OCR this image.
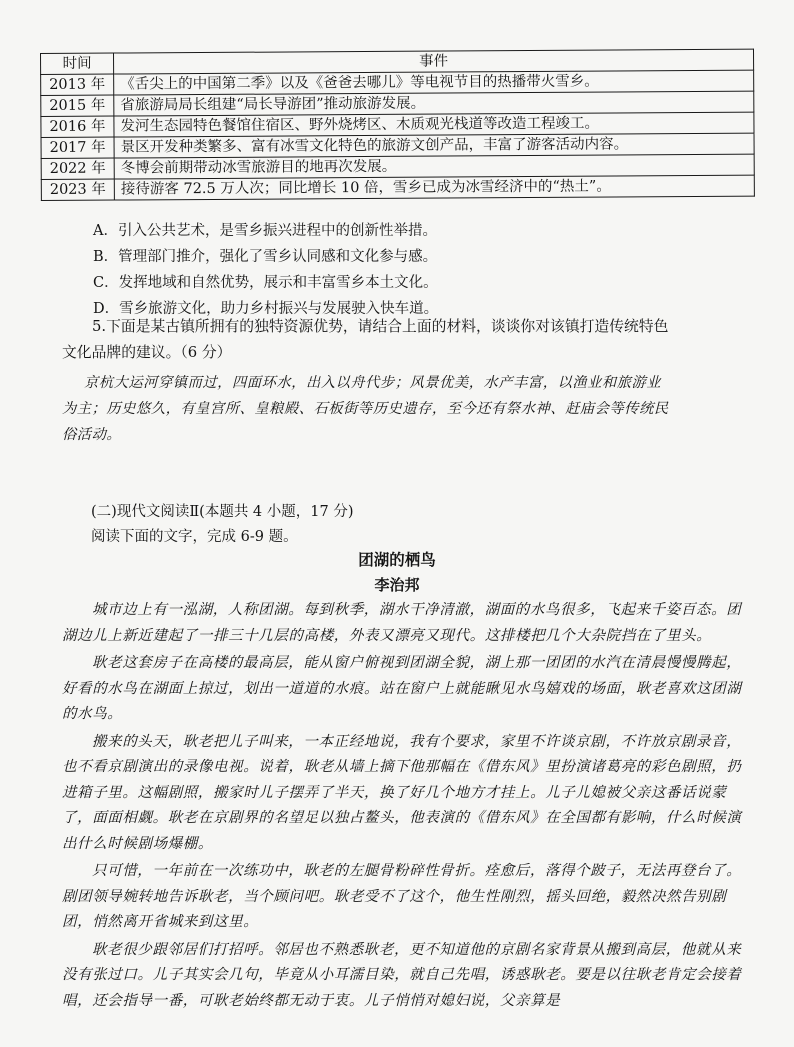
时间	事件
2013 年	《舌尖上的中国第二季》以及《爸爸去哪儿》等电视节目的热播带火雪乡。
2015 年	省旅游局局长组建“局长导游团”推动旅游发展。
2016 年	发河生态园特色餐馆住宿区、野外烧烤区、木质观光栈道等改造工程竣工。
2017 年	景区开发种类繁多、富有冰雪文化特色的旅游文创产品，丰富了游客活动内容。
2022 年	冬博会前期带动冰雪旅游目的地再次发展。
2023 年	接待游客 72.5 万人次；同比增长 10 倍，雪乡已成为冰雪经济中的“热土”。
A．引入公共艺术，是雪乡振兴进程中的创新性举措。
B．管理部门推介，强化了雪乡认同感和文化参与感。
C．发挥地域和自然优势，展示和丰富雪乡本土文化。
D．雪乡旅游文化，助力乡村振兴与发展驶入快车道。
5.下面是某古镇所拥有的独特资源优势，请结合上面的材料，谈谈你对该镇打造传统特色
文化品牌的建议。（6 分）
京杭大运河穿镇而过，四面环水，出入以舟代步；风景优美，水产丰富，以渔业和旅游业
为主；历史悠久，有皇宫所、皇粮殿、石板街等历史遗存，至今还有祭水神、赶庙会等传统民
俗活动。
(二)现代文阅读Ⅱ(本题共 4 小题，17 分)
阅读下面的文字，完成 6-9 题。
团湖的栖鸟
李治邦

城市边上有一泓湖，人称团湖。每到秋季，湖水干净清澈，湖面的水鸟很多，飞起来千姿百态。团湖边儿上新近建起了一排三十几层的高楼，外表又漂亮又现代。这排楼把几个大杂院挡在了里头。

耿老这套房子在高楼的最高层，能从窗户俯视到团湖全貌，湖上那一团团的水汽在清晨慢慢腾起，好看的水鸟在湖面上掠过，划出一道道的水痕。站在窗户上就能瞅见水鸟嬉戏的场面，耿老喜欢这团湖的水鸟。

搬来的头天，耿老把儿子叫来，一本正经地说，我有个要求，家里不许谈京剧，不许放京剧录音，也不看京剧演出的录像电视。说着，耿老从墙上摘下他那幅在《借东风》里扮演诸葛亮的彩色剧照，扔进箱子里。这幅剧照，搬家时儿子摆弄了半天，换了好几个地方才挂上。儿子儿媳被父亲这番话说蒙了，面面相觑。耿老在京剧界的名望足以独占鳌头，他表演的《借东风》在全国都有影响，什么时候演出什么时候剧场爆棚。

只可惜，一年前在一次练功中，耿老的左腿骨粉碎性骨折。痊愈后，落得个跛子，无法再登台了。剧团领导婉转地告诉耿老，当个顾问吧。耿老受不了这个，他生性刚烈，摇头回绝，毅然决然告别剧团，悄然离开省城来到这里。

耿老很少跟邻居们打招呼。邻居也不熟悉耿老，更不知道他的京剧名家背景从搬到高层，他就从来没有张过口。儿子其实会几句，毕竟从小耳濡目染，就自己先唱，诱惑耿老。要是以往耿老肯定会接着唱，还会指导一番，可耿老始终都无动于衷。儿子悄悄对媳妇说，父亲算是
